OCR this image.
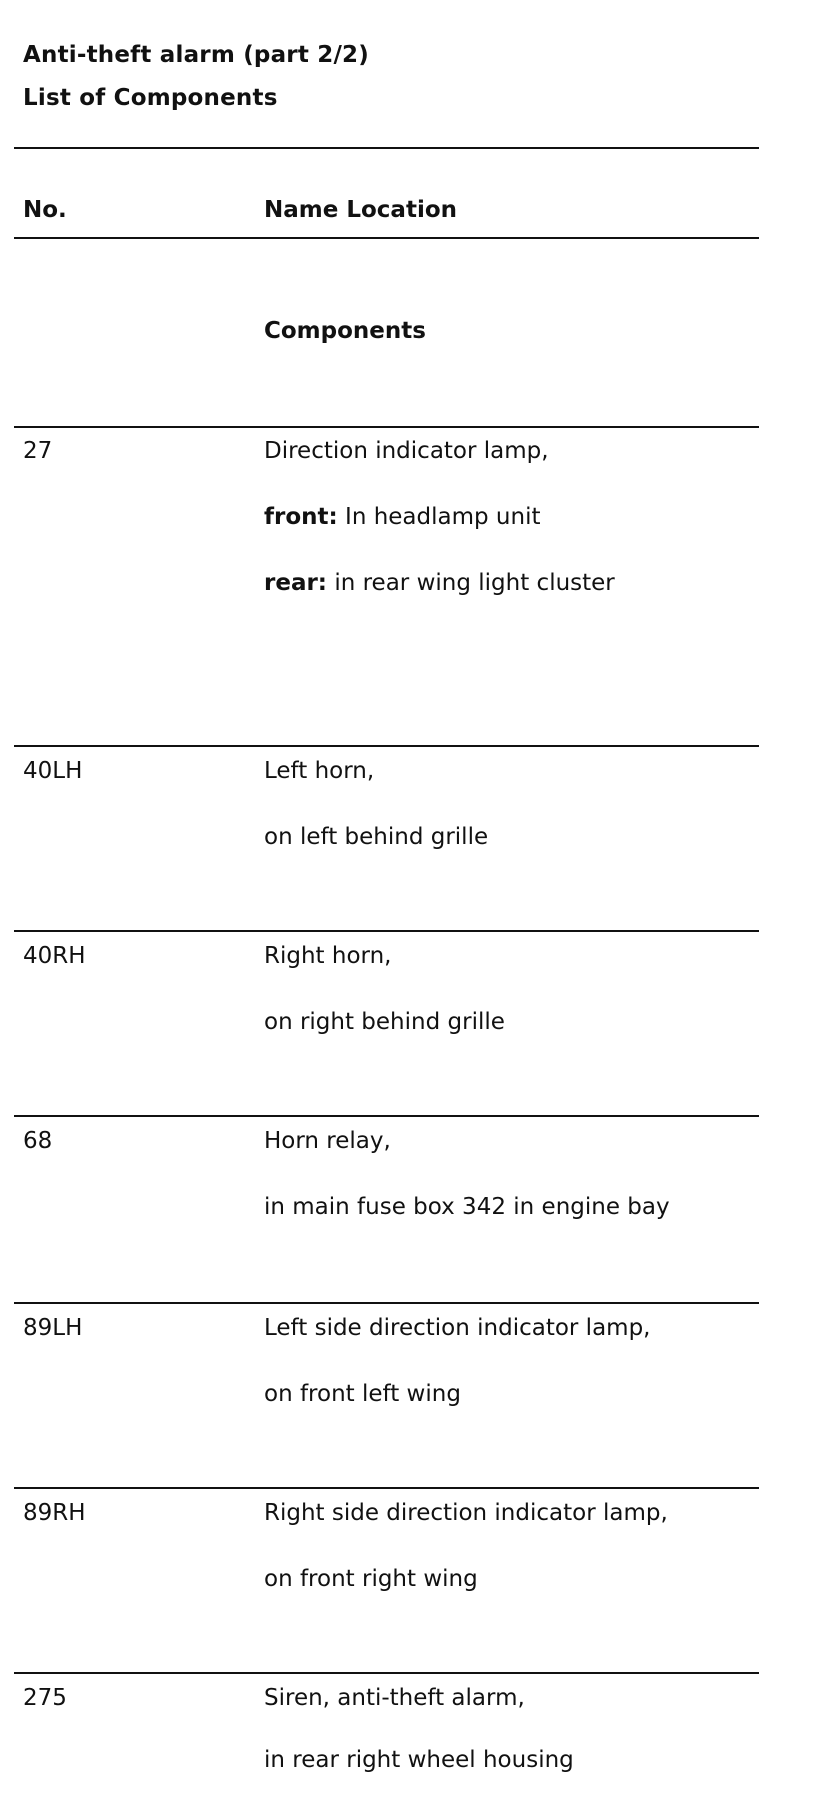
Anti-theft alarm (part 2/2)
List of Components
No.	Name Location
Components
27	Direction indicator lamp,
front: In headlamp unit
rear: in rear wing light cluster
40LH	Left horn,
on left behind grille
40RH	Right horn,
on right behind grille
68	Horn relay,
in main fuse box 342 in engine bay
89LH	Left side direction indicator lamp,
on front left wing
89RH	Right side direction indicator lamp,
on front right wing
275	Siren, anti-theft alarm,
in rear right wheel housing
